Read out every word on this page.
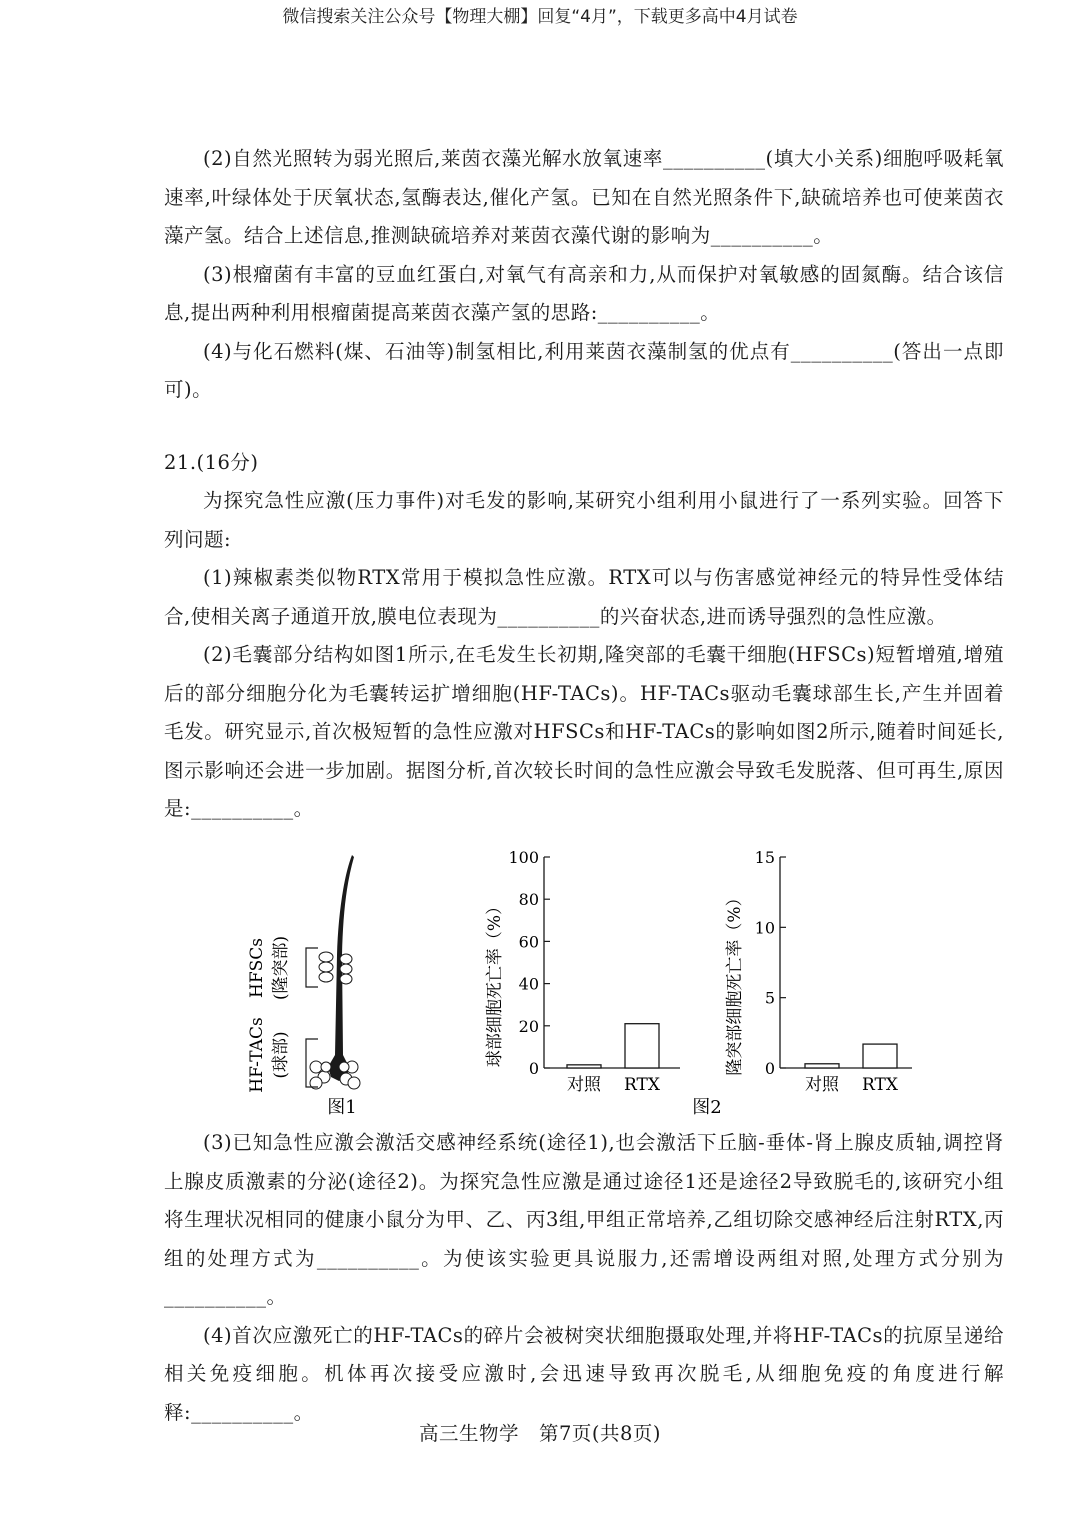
微信搜索关注公众号【物理大棚】回复“4月”，下载更多高中4月试卷

(2)自然光照转为弱光照后,莱茵衣藻光解水放氧速率__________(填大小关系)细胞呼吸耗氧速率,叶绿体处于厌氧状态,氢酶表达,催化产氢。已知在自然光照条件下,缺硫培养也可使莱茵衣藻产氢。结合上述信息,推测缺硫培养对莱茵衣藻代谢的影响为__________。

(3)根瘤菌有丰富的豆血红蛋白,对氧气有高亲和力,从而保护对氧敏感的固氮酶。结合该信息,提出两种利用根瘤菌提高莱茵衣藻产氢的思路:__________。

(4)与化石燃料(煤、石油等)制氢相比,利用莱茵衣藻制氢的优点有__________(答出一点即可)。

21.(16分)

为探究急性应激(压力事件)对毛发的影响,某研究小组利用小鼠进行了一系列实验。回答下列问题:

(1)辣椒素类似物RTX常用于模拟急性应激。RTX可以与伤害感觉神经元的特异性受体结合,使相关离子通道开放,膜电位表现为__________的兴奋状态,进而诱导强烈的急性应激。

(2)毛囊部分结构如图1所示,在毛发生长初期,隆突部的毛囊干细胞(HFSCs)短暂增殖,增殖后的部分细胞分化为毛囊转运扩增细胞(HF-TACs)。HF-TACs驱动毛囊球部生长,产生并固着毛发。研究显示,首次极短暂的急性应激对HFSCs和HF-TACs的影响如图2所示,随着时间延长,图示影响还会进一步加剧。据图分析,首次较长时间的急性应激会导致毛发脱落、但可再生,原因是:__________。

HFSCs (隆突部)
HF-TACs (球部)
图1
0
20
40
60
80
100
球部细胞死亡率（%）
对照 RTX
0
5
10
15
隆突部细胞死亡率（%）
对照 RTX
图2

(3)已知急性应激会激活交感神经系统(途径1),也会激活下丘脑-垂体-肾上腺皮质轴,调控肾上腺皮质激素的分泌(途径2)。为探究急性应激是通过途径1还是途径2导致脱毛的,该研究小组将生理状况相同的健康小鼠分为甲、乙、丙3组,甲组正常培养,乙组切除交感神经后注射RTX,丙组的处理方式为__________。为使该实验更具说服力,还需增设两组对照,处理方式分别为__________。

(4)首次应激死亡的HF-TACs的碎片会被树突状细胞摄取处理,并将HF-TACs的抗原呈递给相关免疫细胞。机体再次接受应激时,会迅速导致再次脱毛,从细胞免疫的角度进行解释:__________。

高三生物学　第7页(共8页)
